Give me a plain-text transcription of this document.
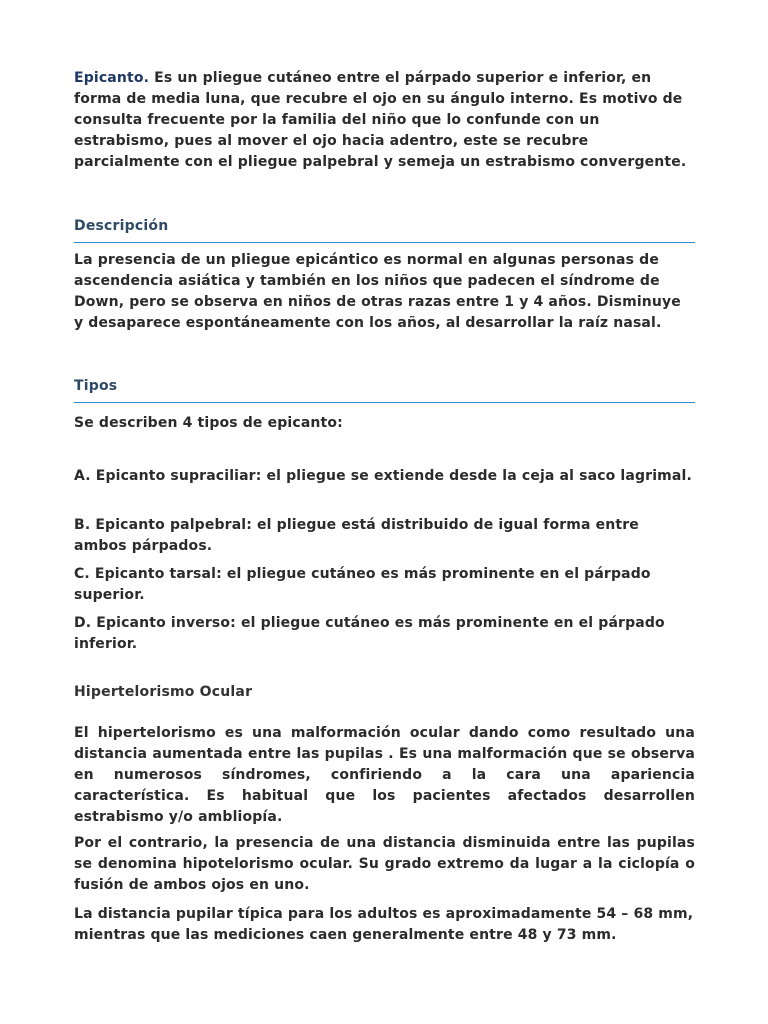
Epicanto. Es un pliegue cutáneo entre el párpado superior e inferior, en forma de media luna, que recubre el ojo en su ángulo interno. Es motivo de consulta frecuente por la familia del niño que lo confunde con un estrabismo, pues al mover el ojo hacia adentro, este se recubre parcialmente con el pliegue palpebral y semeja un estrabismo convergente.

Descripción

La presencia de un pliegue epicántico es normal en algunas personas de ascendencia asiática y también en los niños que padecen el síndrome de Down, pero se observa en niños de otras razas entre 1 y 4 años. Disminuye y desaparece espontáneamente con los años, al desarrollar la raíz nasal.

Tipos

Se describen 4 tipos de epicanto:

A. Epicanto supraciliar: el pliegue se extiende desde la ceja al saco lagrimal.

B. Epicanto palpebral: el pliegue está distribuido de igual forma entre ambos párpados.

C. Epicanto tarsal: el pliegue cutáneo es más prominente en el párpado superior.

D. Epicanto inverso: el pliegue cutáneo es más prominente en el párpado inferior.

Hipertelorismo Ocular

El hipertelorismo es una malformación ocular dando como resultado una distancia aumentada entre las pupilas . Es una malformación que se observa en numerosos síndromes, confiriendo a la cara una apariencia característica. Es habitual que los pacientes afectados desarrollen estrabismo y/o ambliopía.

Por el contrario, la presencia de una distancia disminuida entre las pupilas se denomina hipotelorismo ocular. Su grado extremo da lugar a la ciclopía o fusión de ambos ojos en uno.

La distancia pupilar típica para los adultos es aproximadamente 54 – 68 mm, mientras que las mediciones caen generalmente entre 48 y 73 mm.
